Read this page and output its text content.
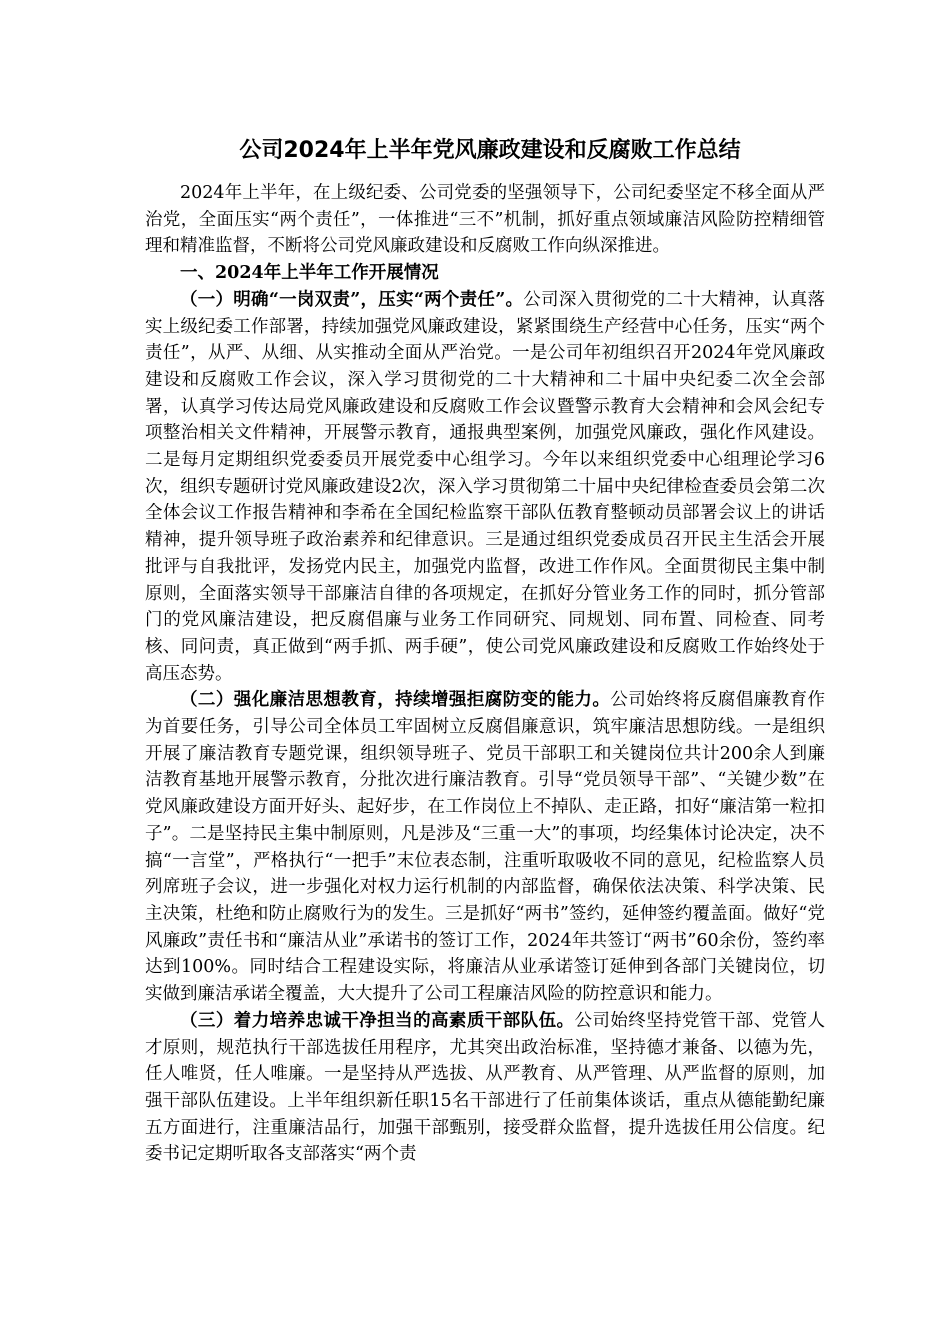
公司2024年上半年党风廉政建设和反腐败工作总结

2024年上半年，在上级纪委、公司党委的坚强领导下，公司纪委坚定不移全面从严治党，全面压实“两个责任”，一体推进“三不”机制，抓好重点领域廉洁风险防控精细管理和精准监督，不断将公司党风廉政建设和反腐败工作向纵深推进。

一、2024年上半年工作开展情况

（一）明确“一岗双责”，压实“两个责任”。公司深入贯彻党的二十大精神，认真落实上级纪委工作部署，持续加强党风廉政建设，紧紧围绕生产经营中心任务，压实“两个责任”，从严、从细、从实推动全面从严治党。一是公司年初组织召开2024年党风廉政建设和反腐败工作会议，深入学习贯彻党的二十大精神和二十届中央纪委二次全会部署，认真学习传达局党风廉政建设和反腐败工作会议暨警示教育大会精神和会风会纪专项整治相关文件精神，开展警示教育，通报典型案例，加强党风廉政，强化作风建设。二是每月定期组织党委委员开展党委中心组学习。今年以来组织党委中心组理论学习6次，组织专题研讨党风廉政建设2次，深入学习贯彻第二十届中央纪律检查委员会第二次全体会议工作报告精神和李希在全国纪检监察干部队伍教育整顿动员部署会议上的讲话精神，提升领导班子政治素养和纪律意识。三是通过组织党委成员召开民主生活会开展批评与自我批评，发扬党内民主，加强党内监督，改进工作作风。全面贯彻民主集中制原则，全面落实领导干部廉洁自律的各项规定，在抓好分管业务工作的同时，抓分管部门的党风廉洁建设，把反腐倡廉与业务工作同研究、同规划、同布置、同检查、同考核、同问责，真正做到“两手抓、两手硬”，使公司党风廉政建设和反腐败工作始终处于高压态势。

（二）强化廉洁思想教育，持续增强拒腐防变的能力。公司始终将反腐倡廉教育作为首要任务，引导公司全体员工牢固树立反腐倡廉意识，筑牢廉洁思想防线。一是组织开展了廉洁教育专题党课，组织领导班子、党员干部职工和关键岗位共计200余人到廉洁教育基地开展警示教育，分批次进行廉洁教育。引导“党员领导干部”、“关键少数”在党风廉政建设方面开好头、起好步，在工作岗位上不掉队、走正路，扣好“廉洁第一粒扣子”。二是坚持民主集中制原则，凡是涉及“三重一大”的事项，均经集体讨论决定，决不搞“一言堂”，严格执行“一把手”末位表态制，注重听取吸收不同的意见，纪检监察人员列席班子会议，进一步强化对权力运行机制的内部监督，确保依法决策、科学决策、民主决策，杜绝和防止腐败行为的发生。三是抓好“两书”签约，延伸签约覆盖面。做好“党风廉政”责任书和“廉洁从业”承诺书的签订工作，2024年共签订“两书”60余份，签约率达到100%。同时结合工程建设实际，将廉洁从业承诺签订延伸到各部门关键岗位，切实做到廉洁承诺全覆盖，大大提升了公司工程廉洁风险的防控意识和能力。

（三）着力培养忠诚干净担当的高素质干部队伍。公司始终坚持党管干部、党管人才原则，规范执行干部选拔任用程序，尤其突出政治标准，坚持德才兼备、以德为先，任人唯贤，任人唯廉。一是坚持从严选拔、从严教育、从严管理、从严监督的原则，加强干部队伍建设。上半年组织新任职15名干部进行了任前集体谈话，重点从德能勤纪廉五方面进行，注重廉洁品行，加强干部甄别，接受群众监督，提升选拔任用公信度。纪委书记定期听取各支部落实“两个责
